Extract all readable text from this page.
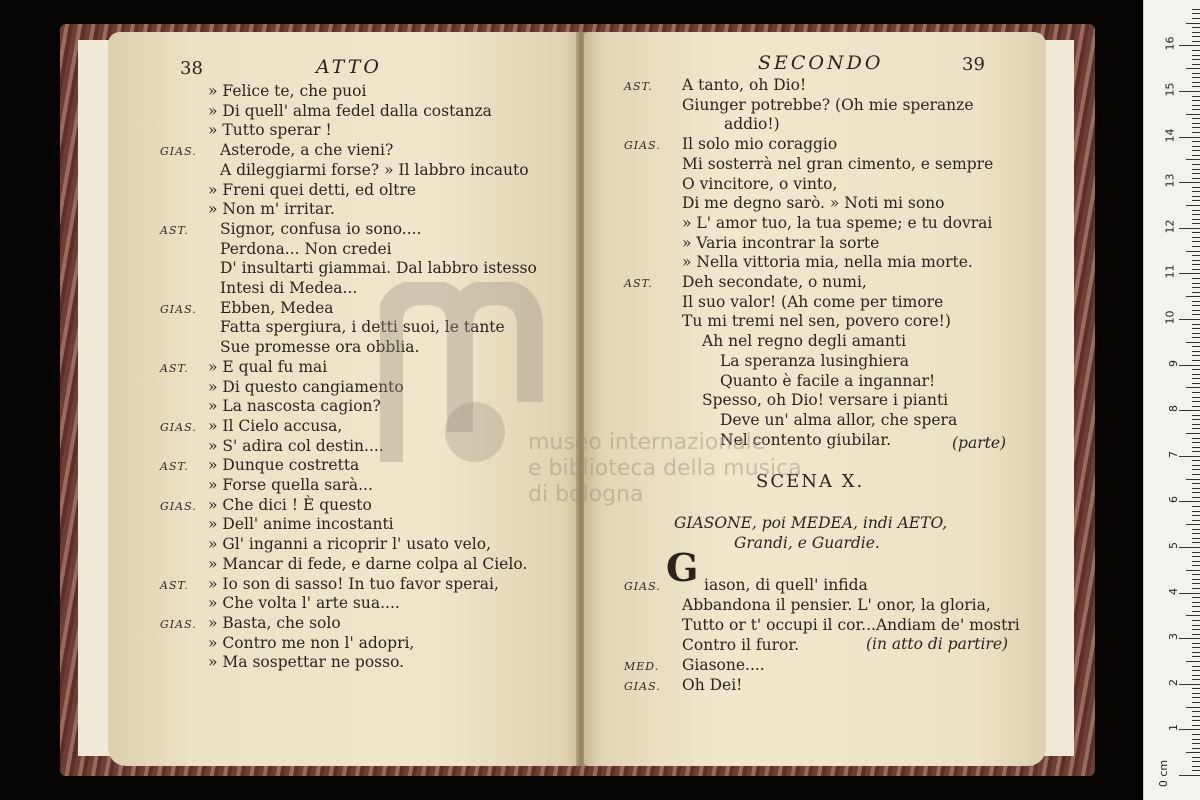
38	ATTO
» Felice te, che puoi
» Di quell' alma fedel dalla costanza
» Tutto sperar !
GIAS. Asterode, a che vieni?
A dileggiarmi forse? » Il labbro incauto
» Freni quei detti, ed oltre
» Non m' irritar.
AST. Signor, confusa io sono....
Perdona... Non credei
D' insultarti giammai. Dal labbro istesso
Intesi di Medea...
GIAS. Ebben, Medea
Fatta spergiura, i detti suoi, le tante
Sue promesse ora obblia.
AST. » E qual fu mai
» Di questo cangiamento
» La nascosta cagion?
GIAS. » Il Cielo accusa,
» S' adira col destin....
AST. » Dunque costretta
» Forse quella sarà...
GIAS. » Che dici ! È questo
» Dell' anime incostanti
» Gl' inganni a ricoprir l' usato velo,
» Mancar di fede, e darne colpa al Cielo.
AST. » Io son di sasso! In tuo favor sperai,
» Che volta l' arte sua....
GIAS. » Basta, che solo
» Contro me non l' adopri,
» Ma sospettar ne posso.
SECONDO	39
AST. A tanto, oh Dio!
Giunger potrebbe? (Oh mie speranze
addio!)
GIAS. Il solo mio coraggio
Mi sosterrà nel gran cimento, e sempre
O vincitore, o vinto,
Di me degno sarò. » Noti mi sono
» L' amor tuo, la tua speme; e tu dovrai
» Varia incontrar la sorte
» Nella vittoria mia, nella mia morte.
AST. Deh secondate, o numi,
Il suo valor! (Ah come per timore
Tu mi tremi nel sen, povero core!)
Ah nel regno degli amanti
La speranza lusinghiera
Quanto è facile a ingannar!
Spesso, oh Dio! versare i pianti
Deve un' alma allor, che spera
Nel contento giubilar.	(parte)
SCENA X.
GIASONE, poi MEDEA, indi AETO,
Grandi, e Guardie.
G
GIAS.	iason, di quell' infida
Abbandona il pensier. L' onor, la gloria,
Tutto or t' occupi il cor...Andiam de' mostri
Contro il furor.
MED. Giasone....
GIAS. Oh Dei!
(in atto di partire)
museo internazionale
e biblioteca della musica
di bologna
0 cm
1
2
3
4
5
6
7
8
9
10
11
12
13
14
15
16
